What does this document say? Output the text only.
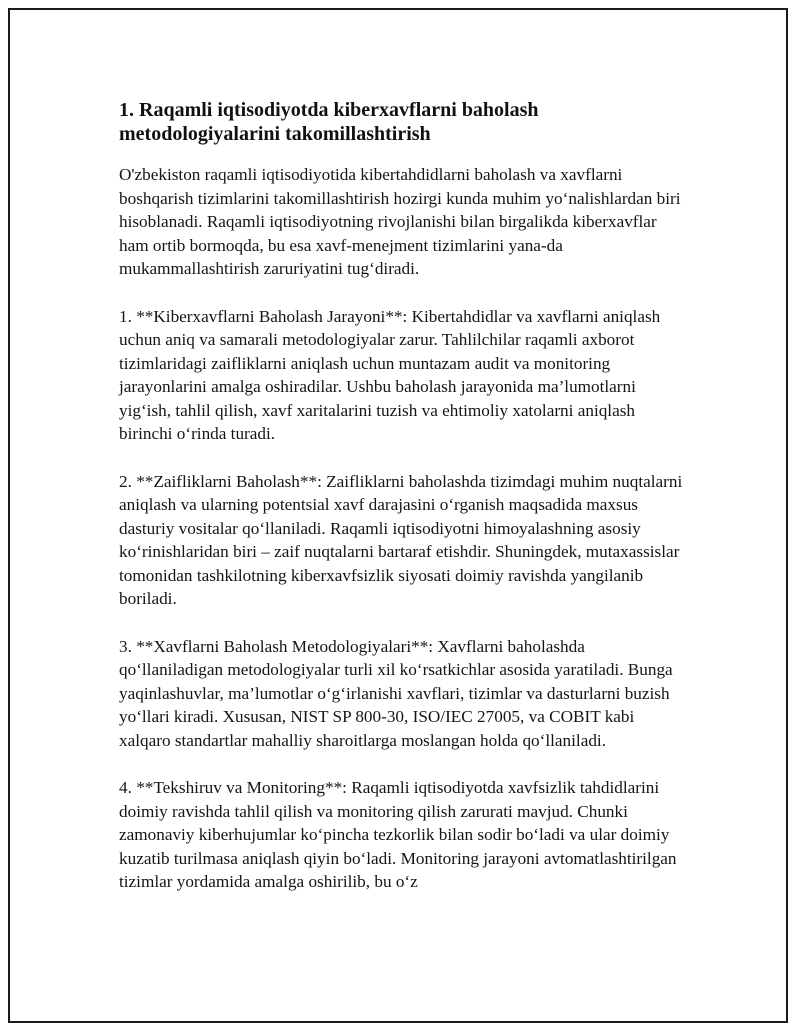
1. Raqamli iqtisodiyotda kiberxavflarni baholash metodologiyalarini takomillashtirish

O'zbekiston raqamli iqtisodiyotida kibertahdidlarni baholash va xavflarni boshqarish tizimlarini takomillashtirish hozirgi kunda muhim yo‘nalishlardan biri hisoblanadi. Raqamli iqtisodiyotning rivojlanishi bilan birgalikda kiberxavflar ham ortib bormoqda, bu esa xavf-menejment tizimlarini yana-da mukammallashtirish zaruriyatini tug‘diradi.

1. **Kiberxavflarni Baholash Jarayoni**: Kibertahdidlar va xavflarni aniqlash uchun aniq va samarali metodologiyalar zarur. Tahlilchilar raqamli axborot tizimlaridagi zaifliklarni aniqlash uchun muntazam audit va monitoring jarayonlarini amalga oshiradilar. Ushbu baholash jarayonida ma’lumotlarni yig‘ish, tahlil qilish, xavf xaritalarini tuzish va ehtimoliy xatolarni aniqlash birinchi o‘rinda turadi.

2. **Zaifliklarni Baholash**: Zaifliklarni baholashda tizimdagi muhim nuqtalarni aniqlash va ularning potentsial xavf darajasini o‘rganish maqsadida maxsus dasturiy vositalar qo‘llaniladi. Raqamli iqtisodiyotni himoyalashning asosiy ko‘rinishlaridan biri – zaif nuqtalarni bartaraf etishdir. Shuningdek, mutaxassislar tomonidan tashkilotning kiberxavfsizlik siyosati doimiy ravishda yangilanib boriladi.

3. **Xavflarni Baholash Metodologiyalari**: Xavflarni baholashda qo‘llaniladigan metodologiyalar turli xil ko‘rsatkichlar asosida yaratiladi. Bunga yaqinlashuvlar, ma’lumotlar o‘g‘irlanishi xavflari, tizimlar va dasturlarni buzish yo‘llari kiradi. Xususan, NIST SP 800-30, ISO/IEC 27005, va COBIT kabi xalqaro standartlar mahalliy sharoitlarga moslangan holda qo‘llaniladi.

4. **Tekshiruv va Monitoring**: Raqamli iqtisodiyotda xavfsizlik tahdidlarini doimiy ravishda tahlil qilish va monitoring qilish zarurati mavjud. Chunki zamonaviy kiberhujumlar ko‘pincha tezkorlik bilan sodir bo‘ladi va ular doimiy kuzatib turilmasa aniqlash qiyin bo‘ladi. Monitoring jarayoni avtomatlashtirilgan tizimlar yordamida amalga oshirilib, bu o‘z
